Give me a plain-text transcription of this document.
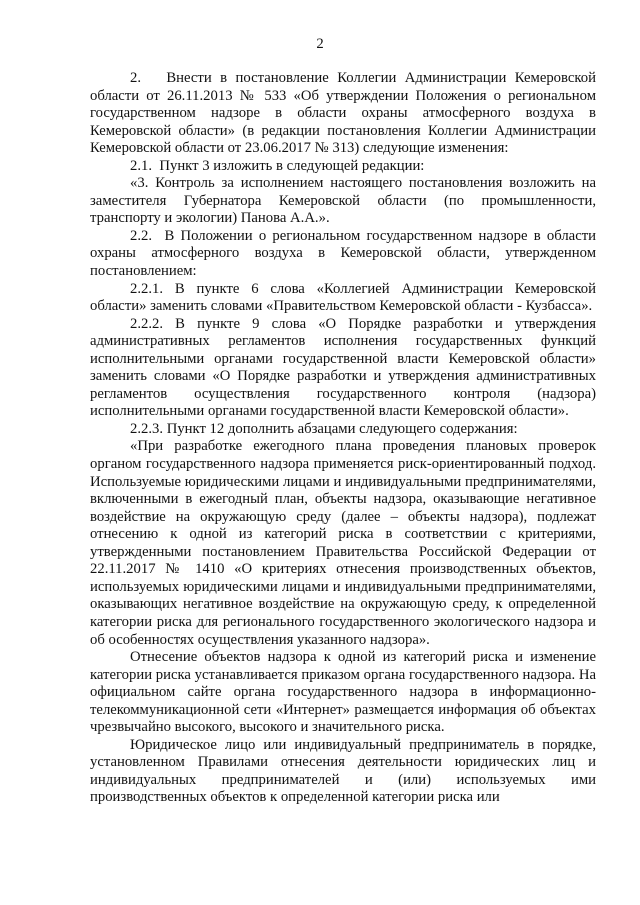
2

2.   Внести в постановление Коллегии Администрации Кемеровской области от 26.11.2013 № 533 «Об утверждении Положения о региональном государственном надзоре в области охраны атмосферного воздуха в Кемеровской области» (в редакции постановления Коллегии Администрации Кемеровской области от 23.06.2017 № 313) следующие изменения:

2.1.  Пункт 3 изложить в следующей редакции:

«3. Контроль за исполнением настоящего постановления возложить на заместителя Губернатора Кемеровской области (по промышленности, транспорту и экологии) Панова А.А.».

2.2.  В Положении о региональном государственном надзоре в области охраны атмосферного воздуха в Кемеровской области, утвержденном постановлением:

2.2.1. В пункте 6 слова «Коллегией Администрации Кемеровской области» заменить словами «Правительством Кемеровской области - Кузбасса».

2.2.2. В пункте 9 слова «О Порядке разработки и утверждения административных регламентов исполнения государственных функций исполнительными органами государственной власти Кемеровской области» заменить словами «О Порядке разработки и утверждения административных регламентов осуществления государственного контроля (надзора) исполнительными органами государственной власти Кемеровской области».

2.2.3. Пункт 12 дополнить абзацами следующего содержания:

«При разработке ежегодного плана проведения плановых проверок органом государственного надзора применяется риск-ориентированный подход. Используемые юридическими лицами и индивидуальными предпринимателями, включенными в ежегодный план, объекты надзора, оказывающие негативное воздействие на окружающую среду (далее – объекты надзора), подлежат отнесению к одной из категорий риска в соответствии с критериями, утвержденными постановлением Правительства Российской Федерации от 22.11.2017 № 1410 «О критериях отнесения производственных объектов, используемых юридическими лицами и индивидуальными предпринимателями, оказывающих негативное воздействие на окружающую среду, к определенной категории риска для регионального государственного экологического надзора и об особенностях осуществления указанного надзора».

Отнесение объектов надзора к одной из категорий риска и изменение категории риска устанавливается приказом органа государственного надзора. На официальном сайте органа государственного надзора в информационно-телекоммуникационной сети «Интернет» размещается информация об объектах чрезвычайно высокого, высокого и значительного риска.

Юридическое лицо или индивидуальный предприниматель в порядке, установленном Правилами отнесения деятельности юридических лиц и индивидуальных предпринимателей и (или) используемых ими производственных объектов к определенной категории риска или
